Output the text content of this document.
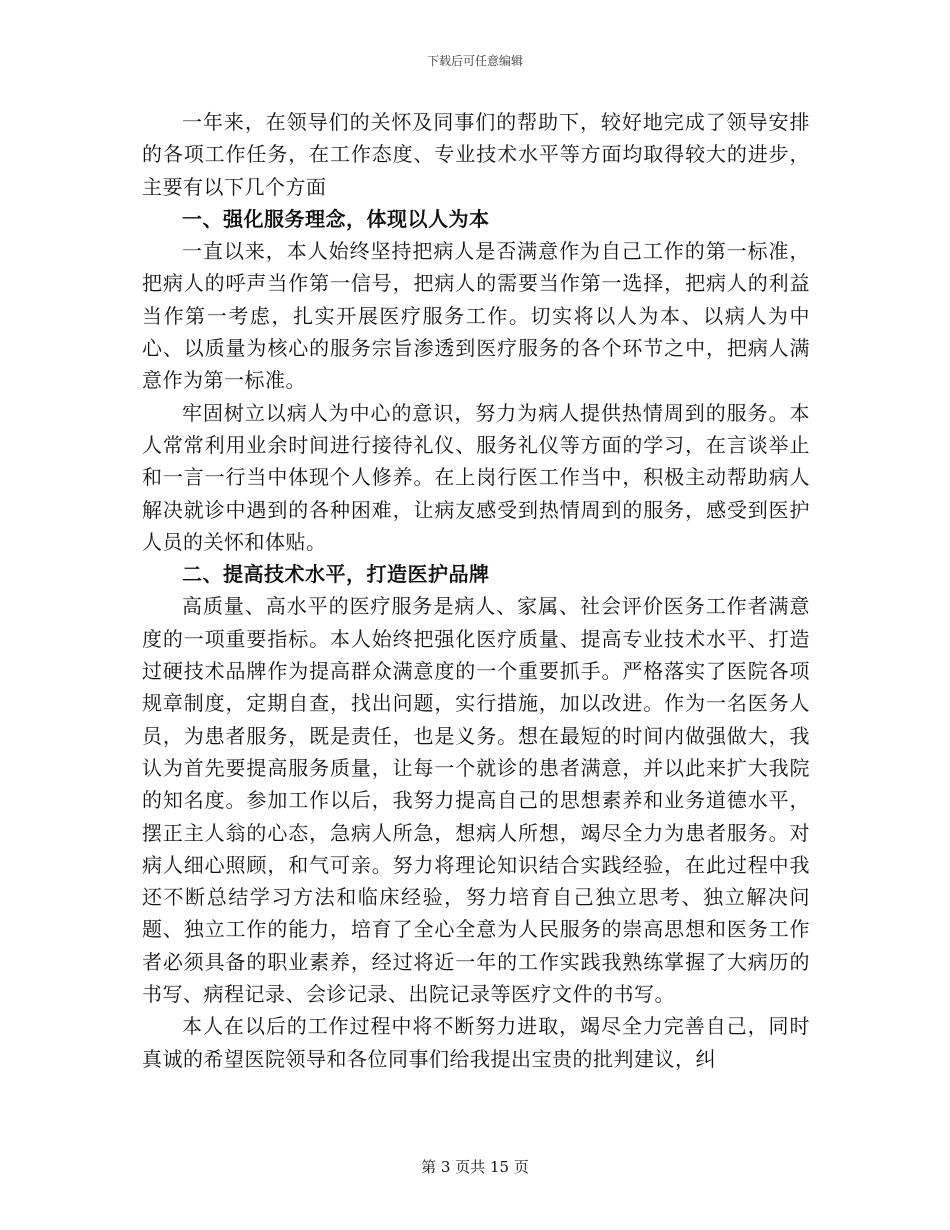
下载后可任意编辑

一年来，在领导们的关怀及同事们的帮助下，较好地完成了领导安排的各项工作任务，在工作态度、专业技术水平等方面均取得较大的进步，主要有以下几个方面

一、强化服务理念，体现以人为本

一直以来，本人始终坚持把病人是否满意作为自己工作的第一标准，把病人的呼声当作第一信号，把病人的需要当作第一选择，把病人的利益当作第一考虑，扎实开展医疗服务工作。切实将以人为本、以病人为中心、以质量为核心的服务宗旨渗透到医疗服务的各个环节之中，把病人满意作为第一标准。

牢固树立以病人为中心的意识，努力为病人提供热情周到的服务。本人常常利用业余时间进行接待礼仪、服务礼仪等方面的学习，在言谈举止和一言一行当中体现个人修养。在上岗行医工作当中，积极主动帮助病人解决就诊中遇到的各种困难，让病友感受到热情周到的服务，感受到医护人员的关怀和体贴。

二、提高技术水平，打造医护品牌

高质量、高水平的医疗服务是病人、家属、社会评价医务工作者满意度的一项重要指标。本人始终把强化医疗质量、提高专业技术水平、打造过硬技术品牌作为提高群众满意度的一个重要抓手。严格落实了医院各项规章制度，定期自查，找出问题，实行措施，加以改进。作为一名医务人员，为患者服务，既是责任，也是义务。想在最短的时间内做强做大，我认为首先要提高服务质量，让每一个就诊的患者满意，并以此来扩大我院的知名度。参加工作以后，我努力提高自己的思想素养和业务道德水平，摆正主人翁的心态，急病人所急，想病人所想，竭尽全力为患者服务。对病人细心照顾，和气可亲。努力将理论知识结合实践经验，在此过程中我还不断总结学习方法和临床经验，努力培育自己独立思考、独立解决问题、独立工作的能力，培育了全心全意为人民服务的崇高思想和医务工作者必须具备的职业素养，经过将近一年的工作实践我熟练掌握了大病历的书写、病程记录、会诊记录、出院记录等医疗文件的书写。

本人在以后的工作过程中将不断努力进取，竭尽全力完善自己，同时真诚的希望医院领导和各位同事们给我提出宝贵的批判建议，纠

第 3 页共 15 页
